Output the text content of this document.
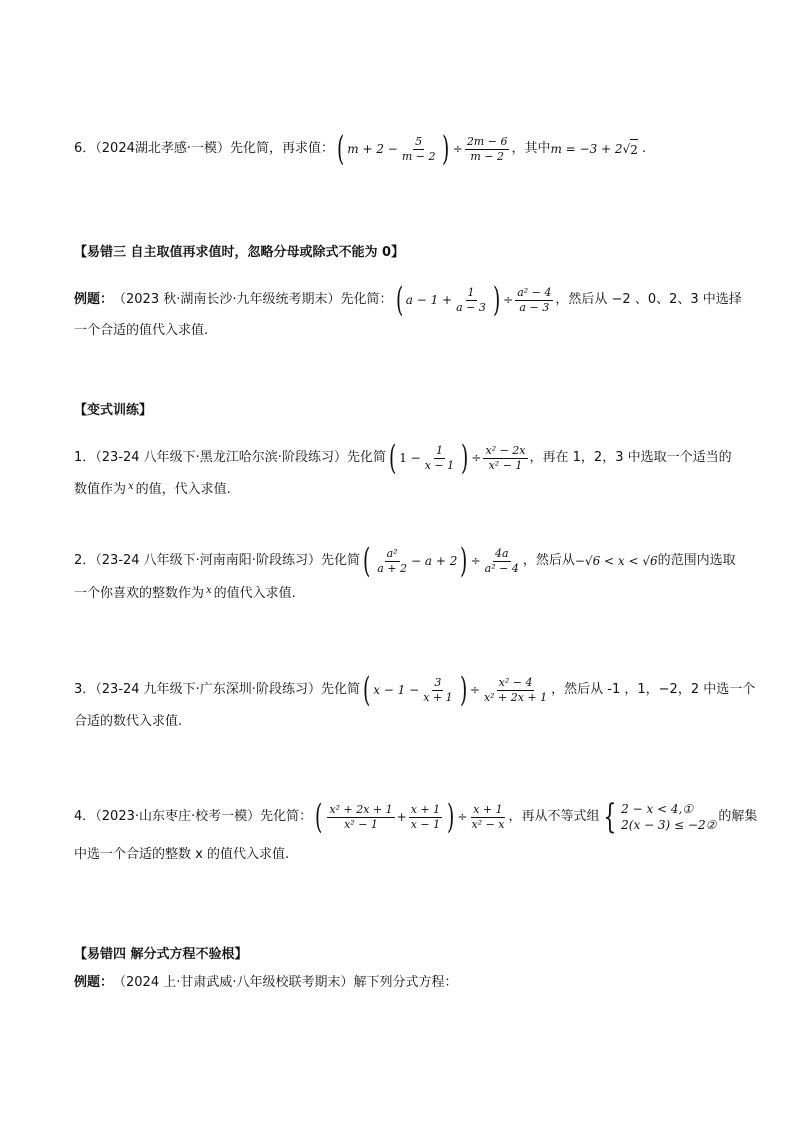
6．（2024湖北孝感·一模）先化简，再求值： ( $m + 2 - \frac{5}{m - 2}$ ) ÷ $\frac{2m - 6}{m - 2}$ ，其中 m = −3 + 2 √ 2 .
【易错三 自主取值再求值时，忽略分母或除式不能为 0】
例题： （2023 秋·湖南长沙·九年级统考期末）先化简： ( $a - 1 + \frac{1}{a - 3}$ ) ÷ $\frac{\text{a² − 4}}{a - 3}$ ，然后从 −2 、0、2、3 中选择
一个合适的值代入求值.
【变式训练】
1．（23-24 八年级下·黑龙江哈尔滨·阶段练习）先化简 ( $1 - \frac{1}{x - 1}$ ) ÷ $\frac{\text{x² − 2x}}{\text{x² − 1}}$ ，再在 1，2，3 中选取一个适当的
数值作为 x 的值，代入求值.
2．（23-24 八年级下·河南南阳·阶段练习）先化简 ( $\frac{\text{a²}}{a + 2} - a + 2$ ) ÷ $\frac{4a}{\text{a² − 4}}$ ，然后从 −√6 < x < √6 的范围内选取
一个你喜欢的整数作为 x 的值代入求值.
3．（23-24 九年级下·广东深圳·阶段练习）先化简 ( $x - 1 - \frac{3}{x + 1}$ ) ÷ $\frac{\text{x² − 4}}{\text{x² + 2x + 1}}$ ，然后从 -1 ，1，−2，2 中选一个
合适的数代入求值.
4．（2023·山东枣庄·校考一模）先化简： ( $\frac{\text{x² + 2x + 1}}{\text{x² − 1}} + \frac{x + 1}{x - 1}$ ) ÷ $\frac{x + 1}{\text{x² − x}}$ ，再从不等式组 { 2 − x < 4,①
2(x − 3) ≤ −2②
的解集
中选一个合适的整数 x 的值代入求值.
【易错四 解分式方程不验根】
例题： （2024 上·甘肃武威·八年级校联考期末）解下列分式方程：
